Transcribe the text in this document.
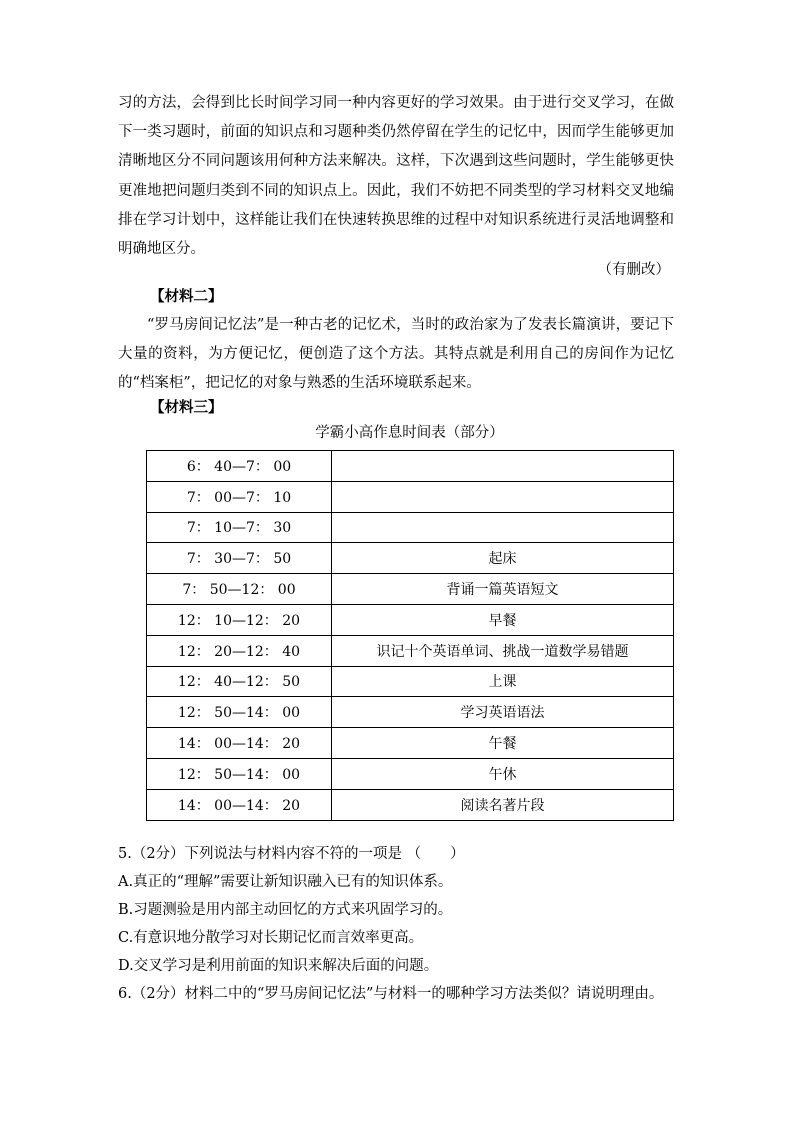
习的方法，会得到比长时间学习同一种内容更好的学习效果。由于进行交叉学习，在做下一类习题时，前面的知识点和习题种类仍然停留在学生的记忆中，因而学生能够更加清晰地区分不同问题该用何种方法来解决。这样，下次遇到这些问题时，学生能够更快更准地把问题归类到不同的知识点上。因此，我们不妨把不同类型的学习材料交叉地编排在学习计划中，这样能让我们在快速转换思维的过程中对知识系统进行灵活地调整和明确地区分。

（有删改）
【材料二】

“罗马房间记忆法”是一种古老的记忆术，当时的政治家为了发表长篇演讲，要记下大量的资料，为方便记忆，便创造了这个方法。其特点就是利用自己的房间作为记忆的“档案柜”，把记忆的对象与熟悉的生活环境联系起来。

【材料三】
学霸小高作息时间表（部分）
6： 40—7： 00	
7： 00—7： 10	
7： 10—7： 30	
7： 30—7： 50	起床
7： 50—12： 00	背诵一篇英语短文
12： 10—12： 20	早餐
12： 20—12： 40	识记十个英语单词、挑战一道数学易错题
12： 40—12： 50	上课
12： 50—14： 00	学习英语语法
14： 00—14： 20	午餐
12： 50—14： 00	午休
14： 00—14： 20	阅读名著片段

5.（2分）下列说法与材料内容不符的一项是 （　　）

A.真正的“理解”需要让新知识融入已有的知识体系。

B.习题测验是用内部主动回忆的方式来巩固学习的。

C.有意识地分散学习对长期记忆而言效率更高。

D.交叉学习是利用前面的知识来解决后面的问题。

6.（2分）材料二中的“罗马房间记忆法”与材料一的哪种学习方法类似？请说明理由。
